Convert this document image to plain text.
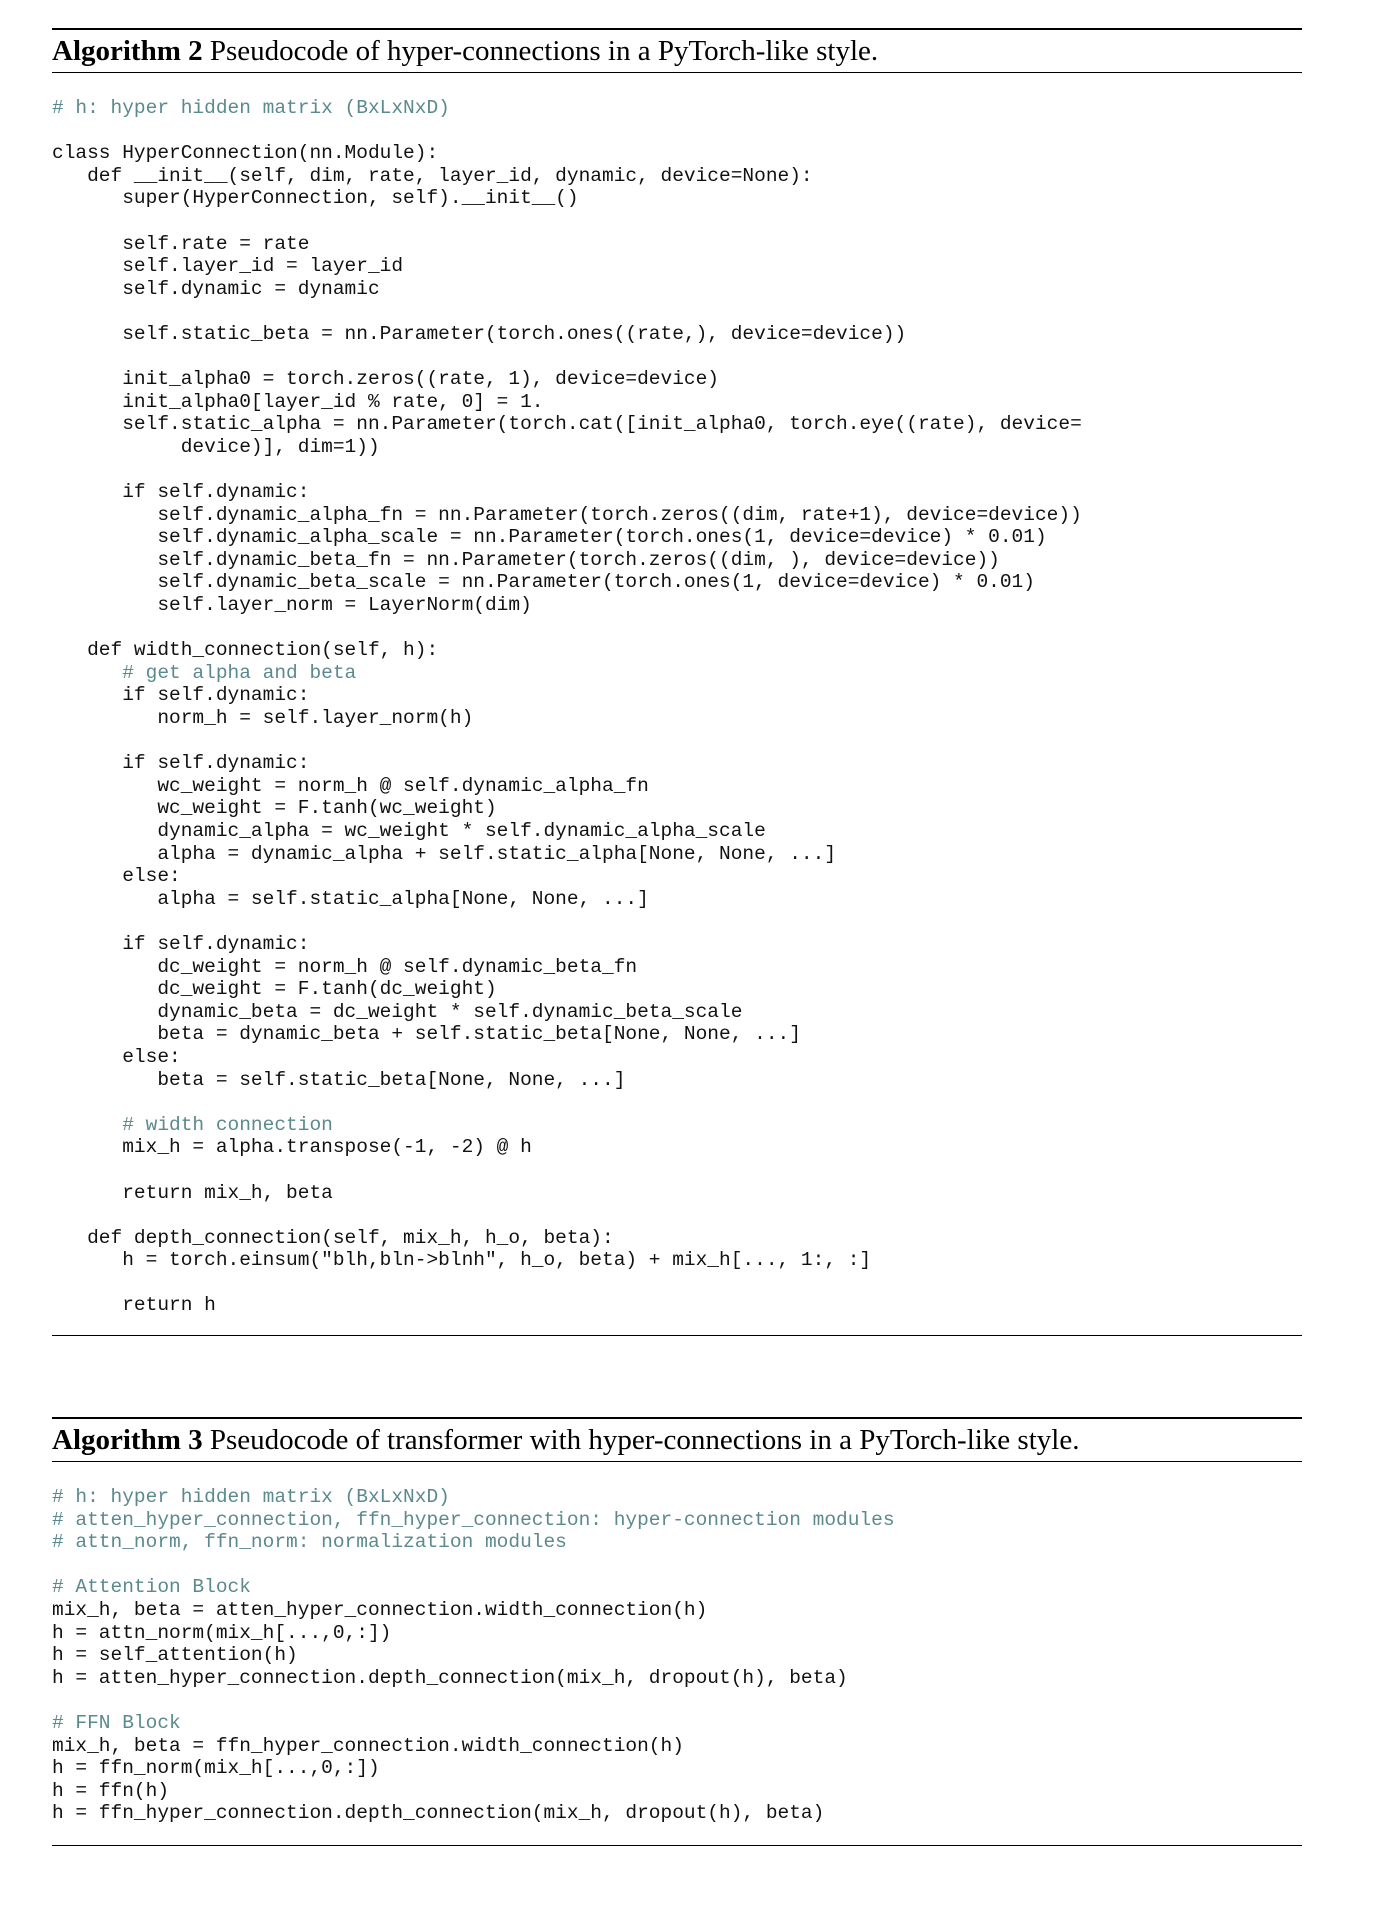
Algorithm 2 Pseudocode of hyper-connections in a PyTorch-like style.
# h: hyper hidden matrix (BxLxNxD)
class HyperConnection(nn.Module):
def __init__(self, dim, rate, layer_id, dynamic, device=None):
super(HyperConnection, self).__init__()
self.rate = rate
self.layer_id = layer_id
self.dynamic = dynamic
self.static_beta = nn.Parameter(torch.ones((rate,), device=device))
init_alpha0 = torch.zeros((rate, 1), device=device)
init_alpha0[layer_id % rate, 0] = 1.
self.static_alpha = nn.Parameter(torch.cat([init_alpha0, torch.eye((rate), device=
device)], dim=1))
if self.dynamic:
self.dynamic_alpha_fn = nn.Parameter(torch.zeros((dim, rate+1), device=device))
self.dynamic_alpha_scale = nn.Parameter(torch.ones(1, device=device) * 0.01)
self.dynamic_beta_fn = nn.Parameter(torch.zeros((dim, ), device=device))
self.dynamic_beta_scale = nn.Parameter(torch.ones(1, device=device) * 0.01)
self.layer_norm = LayerNorm(dim)
def width_connection(self, h):
# get alpha and beta
if self.dynamic:
norm_h = self.layer_norm(h)
if self.dynamic:
wc_weight = norm_h @ self.dynamic_alpha_fn
wc_weight = F.tanh(wc_weight)
dynamic_alpha = wc_weight * self.dynamic_alpha_scale
alpha = dynamic_alpha + self.static_alpha[None, None, ...]
else:
alpha = self.static_alpha[None, None, ...]
if self.dynamic:
dc_weight = norm_h @ self.dynamic_beta_fn
dc_weight = F.tanh(dc_weight)
dynamic_beta = dc_weight * self.dynamic_beta_scale
beta = dynamic_beta + self.static_beta[None, None, ...]
else:
beta = self.static_beta[None, None, ...]
# width connection
mix_h = alpha.transpose(-1, -2) @ h
return mix_h, beta
def depth_connection(self, mix_h, h_o, beta):
h = torch.einsum("blh,bln->blnh", h_o, beta) + mix_h[..., 1:, :]
return h
Algorithm 3 Pseudocode of transformer with hyper-connections in a PyTorch-like style.
# h: hyper hidden matrix (BxLxNxD)
# atten_hyper_connection, ffn_hyper_connection: hyper-connection modules
# attn_norm, ffn_norm: normalization modules
# Attention Block
mix_h, beta = atten_hyper_connection.width_connection(h)
h = attn_norm(mix_h[...,0,:])
h = self_attention(h)
h = atten_hyper_connection.depth_connection(mix_h, dropout(h), beta)
# FFN Block
mix_h, beta = ffn_hyper_connection.width_connection(h)
h = ffn_norm(mix_h[...,0,:])
h = ffn(h)
h = ffn_hyper_connection.depth_connection(mix_h, dropout(h), beta)
